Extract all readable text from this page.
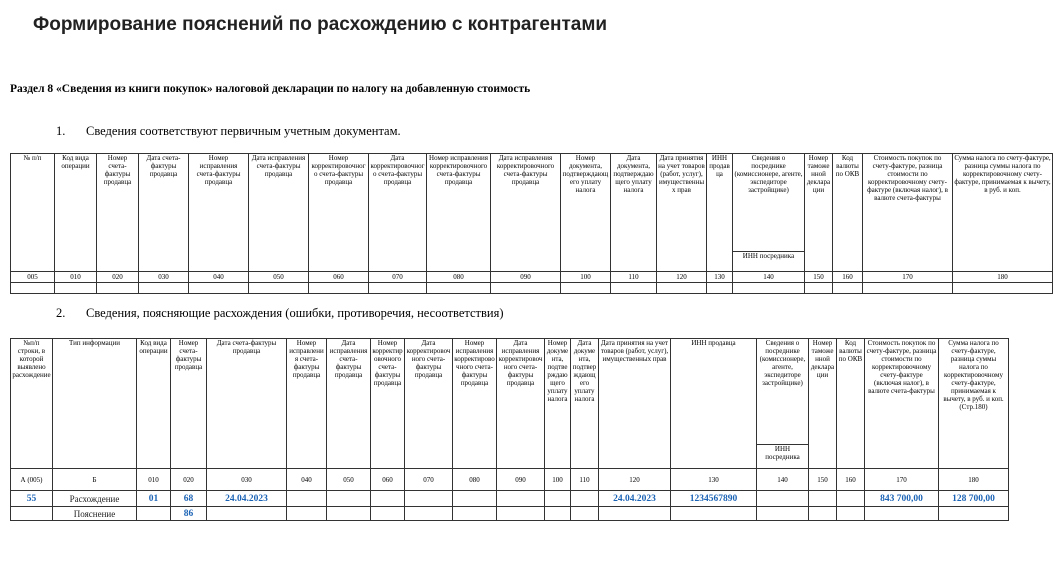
Формирование пояснений по расхождению с контрагентами
Раздел 8 «Сведения из книги покупок» налоговой декларации по налогу на добавленную стоимость
1. Сведения соответствуют первичным учетным документам.
2. Сведения, поясняющие расхождения (ошибки, противоречия, несоответствия)
№ п/п	Код вида операции	Номер счета-фактуры продавца	Дата счета-фактуры продавца	Номер исправления счета-фактуры продавца	Дата исправления счета-фактуры продавца	Номер корректировочного счета-фактуры продавца	Дата корректировочного счета-фактуры продавца	Номер исправления корректировочного счета-фактуры продавца	Дата исправления корректировочного счета-фактуры продавца	Номер документа, подтверждающего уплату налога	Дата документа, подтверждающего уплату налога	Дата принятия на учет товаров (работ, услуг), имущественных прав	ИНН продавца	Сведения о посреднике (комиссионере, агенте, экспедиторе застройщике)	Номер таможенной декларации	Код валюты по ОКВ	Стоимость покупок по счету-фактуре, разница стоимости по корректировочному счету-фактуре (включая налог), в валюте счета-фактуры	Сумма налога по счету-фактуре, разница суммы налога по корректировочному счету-фактуре, принимаемая к вычету, в руб. и коп.
														ИНН посредника				
005	010	020	030	040	050	060	070	080	090	100	110	120	130	140	150	160	170	180

№п/п строки, в которой выявлено расхождение	Тип информации	Код вида операции	Номер счета-фактуры продавца	Дата счета-фактуры продавца	Номер исправления счета-фактуры продавца	Дата исправления счета-фактуры продавца	Номер корректировочного счета-фактуры продавца	Дата корректировочного счета-фактуры продавца	Номер исправления корректировочного счета-фактуры продавца	Дата исправления корректировочного счета-фактуры продавца	Номер документа, подтверждающего уплату налога	Дата документа, подтверждающего уплату налога	Дата принятия на учет товаров (работ, услуг), имущественных прав	ИНН продавца	Сведения о посреднике (комиссионере, агенте, экспедиторе застройщике)	Номер таможенной декларации	Код валюты по ОКВ	Стоимость покупок по счету-фактуре, разница стоимости по корректировочному счету-фактуре (включая налог), в валюте счета-фактуры	Сумма налога по счету-фактуре, разница суммы налога по корректировочному счету-фактуре, принимаемая к вычету, в руб. и коп. (Стр.180)
															ИНН посредника				
А (005)	Б	010	020	030	040	050	060	070	080	090	100	110	120	130	140	150	160	170	180
55	Расхождение	01	68	24.04.2023									24.04.2023	1234567890				843 700,00	128 700,00
	Пояснение		86																
